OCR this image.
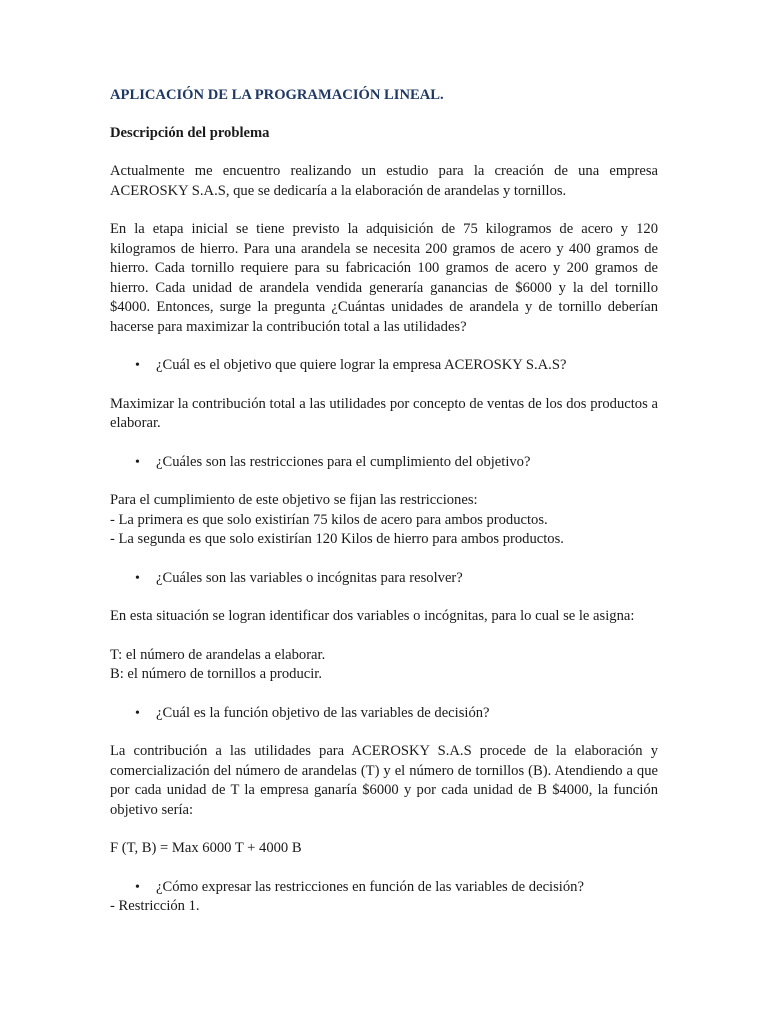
APLICACIÓN DE LA PROGRAMACIÓN LINEAL.
Descripción del problema
Actualmente me encuentro realizando un estudio para la creación de una empresa ACEROSKY S.A.S, que se dedicaría a la elaboración de arandelas y tornillos.
En la etapa inicial se tiene previsto la adquisición de 75 kilogramos de acero y 120 kilogramos de hierro. Para una arandela se necesita 200 gramos de acero y 400 gramos de hierro. Cada tornillo requiere para su fabricación 100 gramos de acero y 200 gramos de hierro. Cada unidad de arandela vendida generaría ganancias de $6000 y la del tornillo $4000. Entonces, surge la pregunta ¿Cuántas unidades de arandela y de tornillo deberían hacerse para maximizar la contribución total a las utilidades?
• ¿Cuál es el objetivo que quiere lograr la empresa ACEROSKY S.A.S?
Maximizar la contribución total a las utilidades por concepto de ventas de los dos productos a elaborar.
• ¿Cuáles son las restricciones para el cumplimiento del objetivo?
Para el cumplimiento de este objetivo se fijan las restricciones:
- La primera es que solo existirían 75 kilos de acero para ambos productos.
- La segunda es que solo existirían 120 Kilos de hierro para ambos productos.
• ¿Cuáles son las variables o incógnitas para resolver?
En esta situación se logran identificar dos variables o incógnitas, para lo cual se le asigna:
T: el número de arandelas a elaborar.
B: el número de tornillos a producir.
• ¿Cuál es la función objetivo de las variables de decisión?
La contribución a las utilidades para ACEROSKY S.A.S procede de la elaboración y comercialización del número de arandelas (T) y el número de tornillos (B). Atendiendo a que por cada unidad de T la empresa ganaría $6000 y por cada unidad de B $4000, la función objetivo sería:
F (T, B) = Max 6000 T + 4000 B
• ¿Cómo expresar las restricciones en función de las variables de decisión?
- Restricción 1.
